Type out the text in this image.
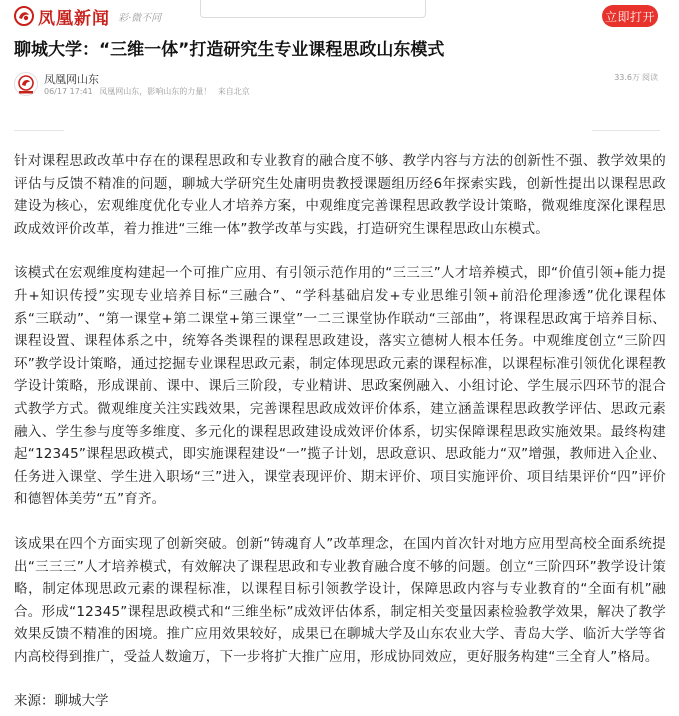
凤凰新闻 彩·微不同	立即打开
聊城大学：“三维一体”打造研究生专业课程思政山东模式
凤凰网山东
06/17 17:41 凤凰网山东，影响山东的力量！ 来自北京
33.6万 阅读

针对课程思政改革中存在的课程思政和专业教育的融合度不够、教学内容与方法的创新性不强、教学效果的评估与反馈不精准的问题，聊城大学研究生处庸明贵教授课题组历经6年探索实践，创新性提出以课程思政建设为核心，宏观维度优化专业人才培养方案，中观维度完善课程思政教学设计策略，微观维度深化课程思政成效评价改革，着力推进“三维一体”教学改革与实践，打造研究生课程思政山东模式。

该模式在宏观维度构建起一个可推广应用、有引领示范作用的“三三三”人才培养模式，即“价值引领+能力提升+知识传授”实现专业培养目标“三融合”、“学科基础启发+专业思维引领+前沿伦理渗透”优化课程体系“三联动”、“第一课堂+第二课堂+第三课堂”一二三课堂协作联动“三部曲”，将课程思政寓于培养目标、课程设置、课程体系之中，统筹各类课程的课程思政建设，落实立德树人根本任务。中观维度创立“三阶四环”教学设计策略，通过挖掘专业课程思政元素，制定体现思政元素的课程标准，以课程标准引领优化课程教学设计策略，形成课前、课中、课后三阶段，专业精讲、思政案例融入、小组讨论、学生展示四环节的混合式教学方式。微观维度关注实践效果，完善课程思政成效评价体系，建立涵盖课程思政教学评估、思政元素融入、学生参与度等多维度、多元化的课程思政建设成效评价体系，切实保障课程思政实施效果。最终构建起“12345”课程思政模式，即实施课程建设“一”揽子计划，思政意识、思政能力“双”增强，教师进入企业、任务进入课堂、学生进入职场“三”进入，课堂表现评价、期末评价、项目实施评价、项目结果评价“四”评价和德智体美劳“五”育齐。

该成果在四个方面实现了创新突破。创新“铸魂育人”改革理念，在国内首次针对地方应用型高校全面系统提出“三三三”人才培养模式，有效解决了课程思政和专业教育融合度不够的问题。创立“三阶四环”教学设计策略，制定体现思政元素的课程标准，以课程目标引领教学设计，保障思政内容与专业教育的“全面有机”融合。形成“12345”课程思政模式和“三维坐标”成效评估体系，制定相关变量因素检验教学效果，解决了教学效果反馈不精准的困境。推广应用效果较好，成果已在聊城大学及山东农业大学、青岛大学、临沂大学等省内高校得到推广，受益人数逾万，下一步将扩大推广应用，形成协同效应，更好服务构建“三全育人”格局。

来源：聊城大学
